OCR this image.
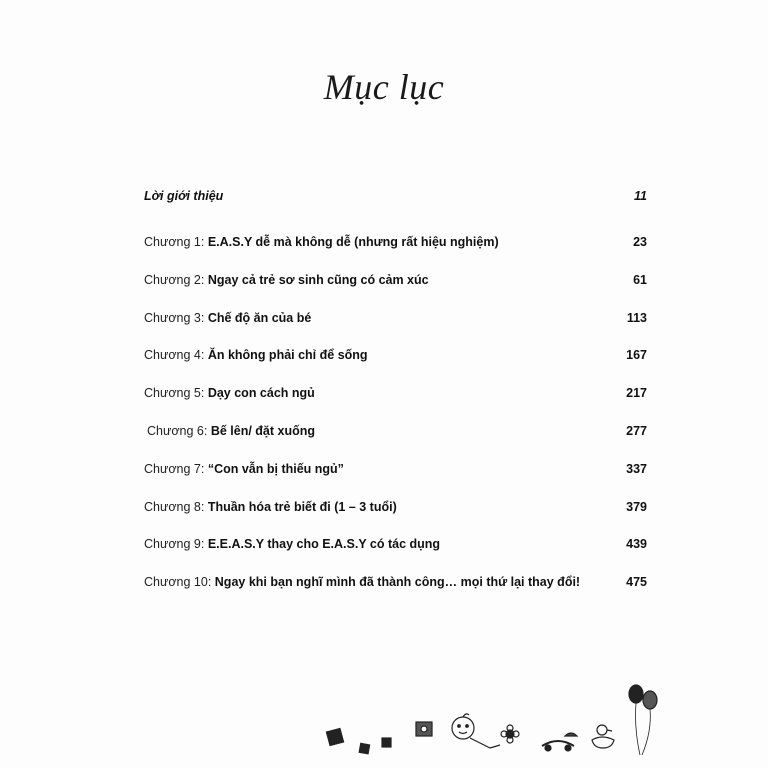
Mục lục
Lời giới thiệu	11
Chương 1: E.A.S.Y dễ mà không dễ (nhưng rất hiệu nghiệm)	23
Chương 2: Ngay cả trẻ sơ sinh cũng có cảm xúc	61
Chương 3: Chế độ ăn của bé	113
Chương 4: Ăn không phải chỉ để sống	167
Chương 5: Dạy con cách ngủ	217
Chương 6: Bế lên/ đặt xuống	277
Chương 7: “Con vẫn bị thiếu ngủ”	337
Chương 8: Thuần hóa trẻ biết đi (1 – 3 tuổi)	379
Chương 9: E.E.A.S.Y thay cho E.A.S.Y có tác dụng	439
Chương 10: Ngay khi bạn nghĩ mình đã thành công… mọi thứ lại thay đổi!	475
